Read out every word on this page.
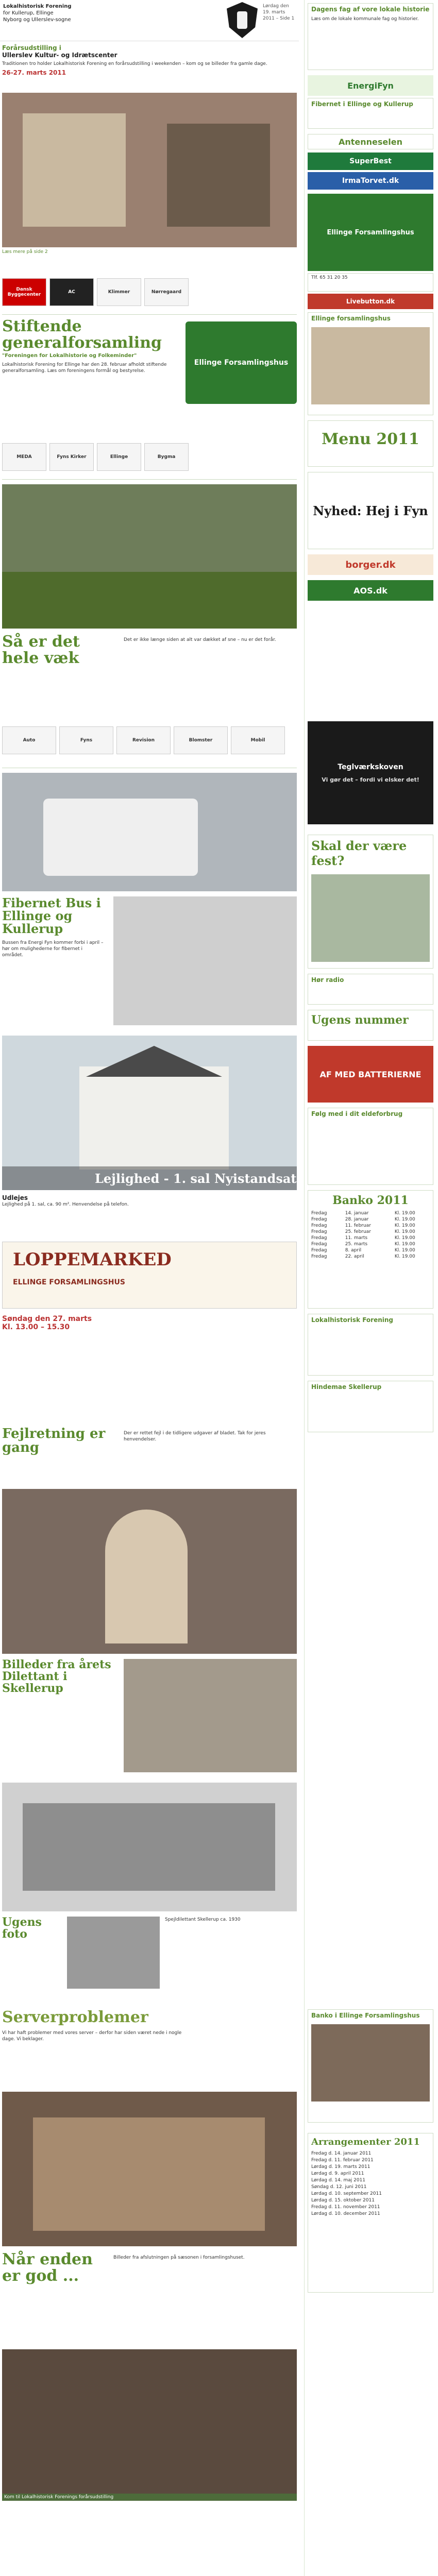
Lokalhistorisk Forening
for Kullerup, Ellinge
Nyborg og Ullerslev-sogne
Lørdag den 19. marts 2011 – Side 1
Forårsudstilling i
Ullerslev Kultur- og Idrætscenter
Traditionen tro holder Lokalhistorisk Forening en forårsudstilling i weekenden – kom og se billeder fra gamle dage.
26-27. marts 2011
Læs mere på side 2
Dansk Byggecenter	AC	Klimmer	Nørregaard
Stiftende generalforsamling
"Foreningen for Lokalhistorie og Folkeminder"
Lokalhistorisk Forening for Ellinge har den 28. februar afholdt stiftende generalforsamling. Læs om foreningens formål og bestyrelse.
Ellinge Forsamlingshus
MEDA	Fyns Kirker	Ellinge	Bygma
Så er det hele væk
Det er ikke længe siden at alt var dækket af sne – nu er det forår.
Auto	Fyns	Revision	Blomster	Mobil
Fibernet Bus i Ellinge og Kullerup
Bussen fra Energi Fyn kommer forbi i april – hør om mulighederne for fibernet i området.
Lejlighed - 1. sal Nyistandsat
Udlejes
Lejlighed på 1. sal, ca. 90 m². Henvendelse på telefon.
LOPPEMARKED
ELLINGE FORSAMLINGSHUS
Søndag den 27. marts
Kl. 13.00 – 15.30
Fejlretning er gang
Der er rettet fejl i de tidligere udgaver af bladet. Tak for jeres henvendelser.
Billeder fra årets Dilettant i Skellerup
Ugens foto
Spejldilettant Skellerup ca. 1930
Serverproblemer
Vi har haft problemer med vores server – derfor har siden været nede i nogle dage. Vi beklager.
Når enden er god ...
Billeder fra afslutningen på sæsonen i forsamlingshuset.
Kom til Lokalhistorisk Forenings forårsudstilling
Dagens fag af vore lokale historie
Læs om de lokale kommunale fag og historier.
EnergiFyn
Fibernet i Ellinge og Kullerup
Antenneselen
SuperBest
IrmaTorvet.dk
Ellinge Forsamlingshus
Tlf. 65 31 20 35
Livebutton.dk
Ellinge forsamlingshus
Menu 2011
Nyhed: Hej i Fyn
borger.dk
AOS.dk
Teglværkskoven
Vi gør det – fordi vi elsker det!
Skal der være fest?
Hør radio
Ugens nummer
AF MED BATTERIERNE
Følg med i dit eldeforbrug
Banko 2011
Fredag	14. januar	Kl. 19.00
Fredag	28. januar	Kl. 19.00
Fredag	11. februar	Kl. 19.00
Fredag	25. februar	Kl. 19.00
Fredag	11. marts	Kl. 19.00
Fredag	25. marts	Kl. 19.00
Fredag	8. april	Kl. 19.00
Fredag	22. april	Kl. 19.00
Lokalhistorisk Forening
Hindemae Skellerup
Banko i Ellinge Forsamlingshus
Arrangementer 2011
Fredag d. 14. januar 2011
Fredag d. 11. februar 2011
Lørdag d. 19. marts 2011
Lørdag d. 9. april 2011
Lørdag d. 14. maj 2011
Søndag d. 12. juni 2011
Lørdag d. 10. september 2011
Lørdag d. 15. oktober 2011
Fredag d. 11. november 2011
Lørdag d. 10. december 2011
